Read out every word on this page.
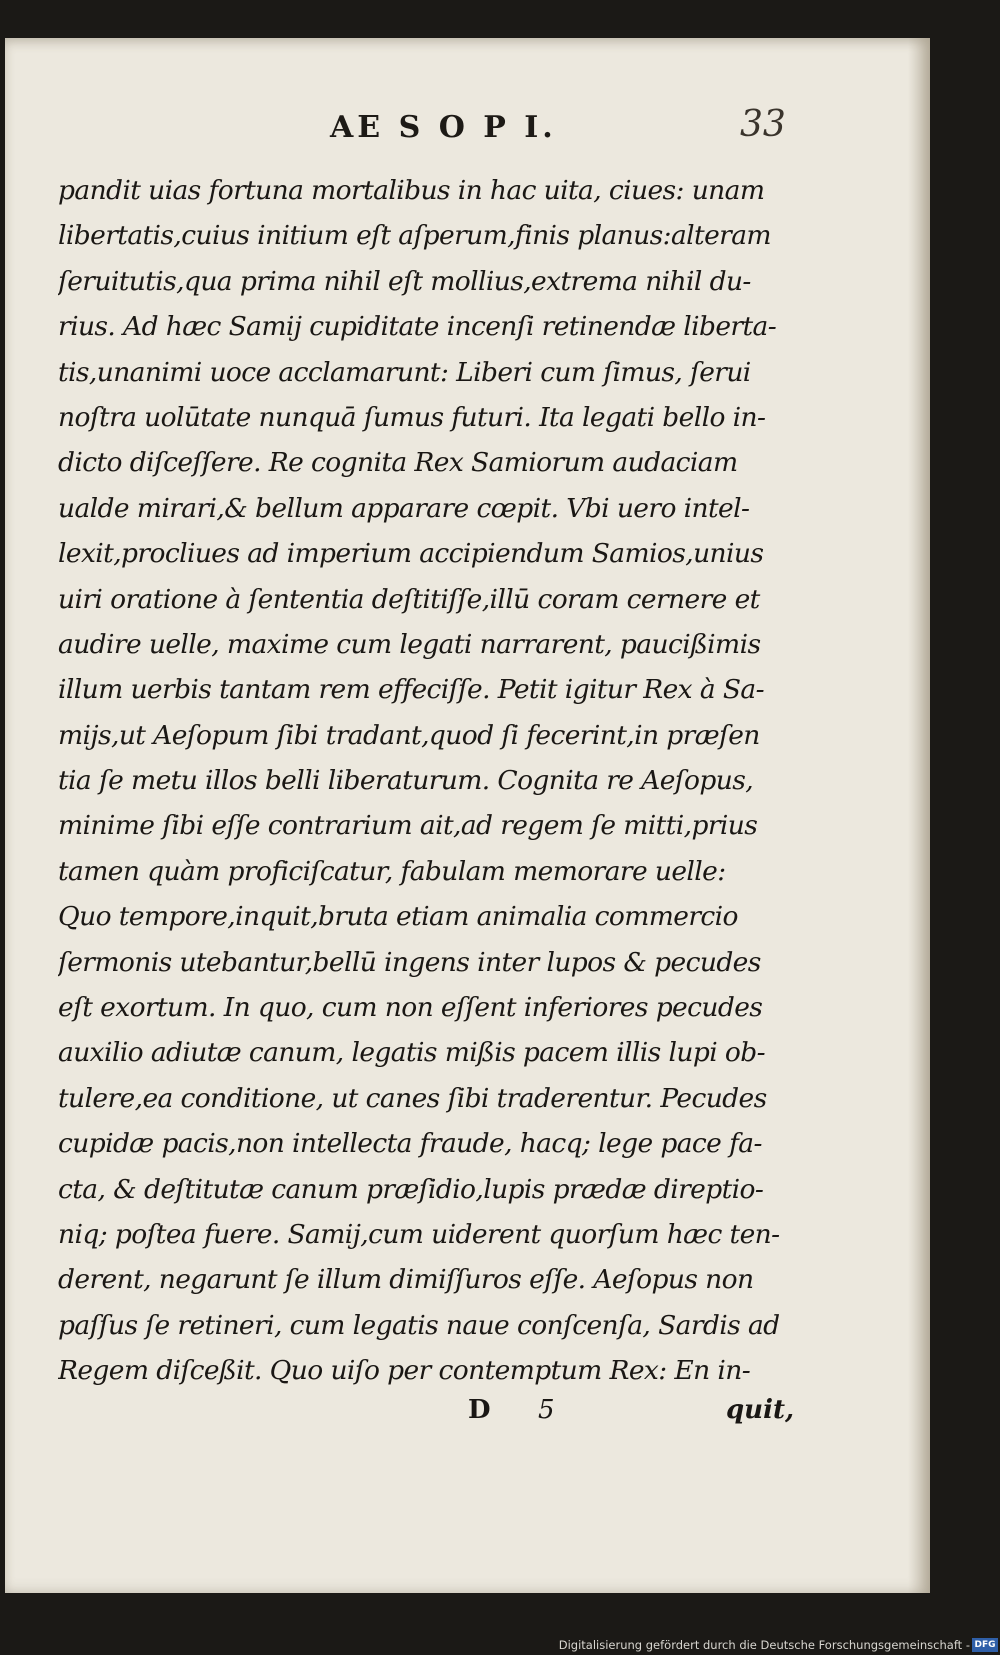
AE S O P I.	33
pandit uias fortuna mortalibus in hac uita, ciues: unam
libertatis,cuius initium eſt aſperum,finis planus:alteram
ſeruitutis,qua prima nihil eſt mollius,extrema nihil du-
rius. Ad hæc Samij cupiditate incenſi retinendæ liberta-
tis,unanimi uoce acclamarunt: Liberi cum ſimus, ſerui
noſtra uolūtate nunquā ſumus futuri. Ita legati bello in-
dicto diſceſſere. Re cognita Rex Samiorum audaciam
ualde mirari,& bellum apparare cœpit. Vbi uero intel-
lexit,procliues ad imperium accipiendum Samios,unius
uiri oratione à ſententia deſtitiſſe,illū coram cernere et
audire uelle, maxime cum legati narrarent, paucißimis
illum uerbis tantam rem effeciſſe. Petit igitur Rex à Sa-
mijs,ut Aeſopum ſibi tradant,quod ſi fecerint,in præſen
tia ſe metu illos belli liberaturum. Cognita re Aeſopus,
minime ſibi eſſe contrarium ait,ad regem ſe mitti,prius
tamen quàm proficiſcatur, fabulam memorare uelle:
Quo tempore,inquit,bruta etiam animalia commercio
ſermonis utebantur,bellū ingens inter lupos & pecudes
eſt exortum. In quo, cum non eſſent inferiores pecudes
auxilio adiutæ canum, legatis mißis pacem illis lupi ob-
tulere,ea conditione, ut canes ſibi traderentur. Pecudes
cupidæ pacis,non intellecta fraude, hacq; lege pace fa-
cta, & deſtitutæ canum præſidio,lupis prædæ direptio-
niq; poſtea fuere. Samij,cum uiderent quorſum hæc ten-
derent, negarunt ſe illum dimiſſuros eſſe. Aeſopus non
paſſus ſe retineri, cum legatis naue conſcenſa, Sardis ad
Regem diſceßit. Quo uiſo per contemptum Rex: En in-
D 5	quit,
Digitalisierung gefördert durch die Deutsche Forschungsgemeinschaft - DFG
